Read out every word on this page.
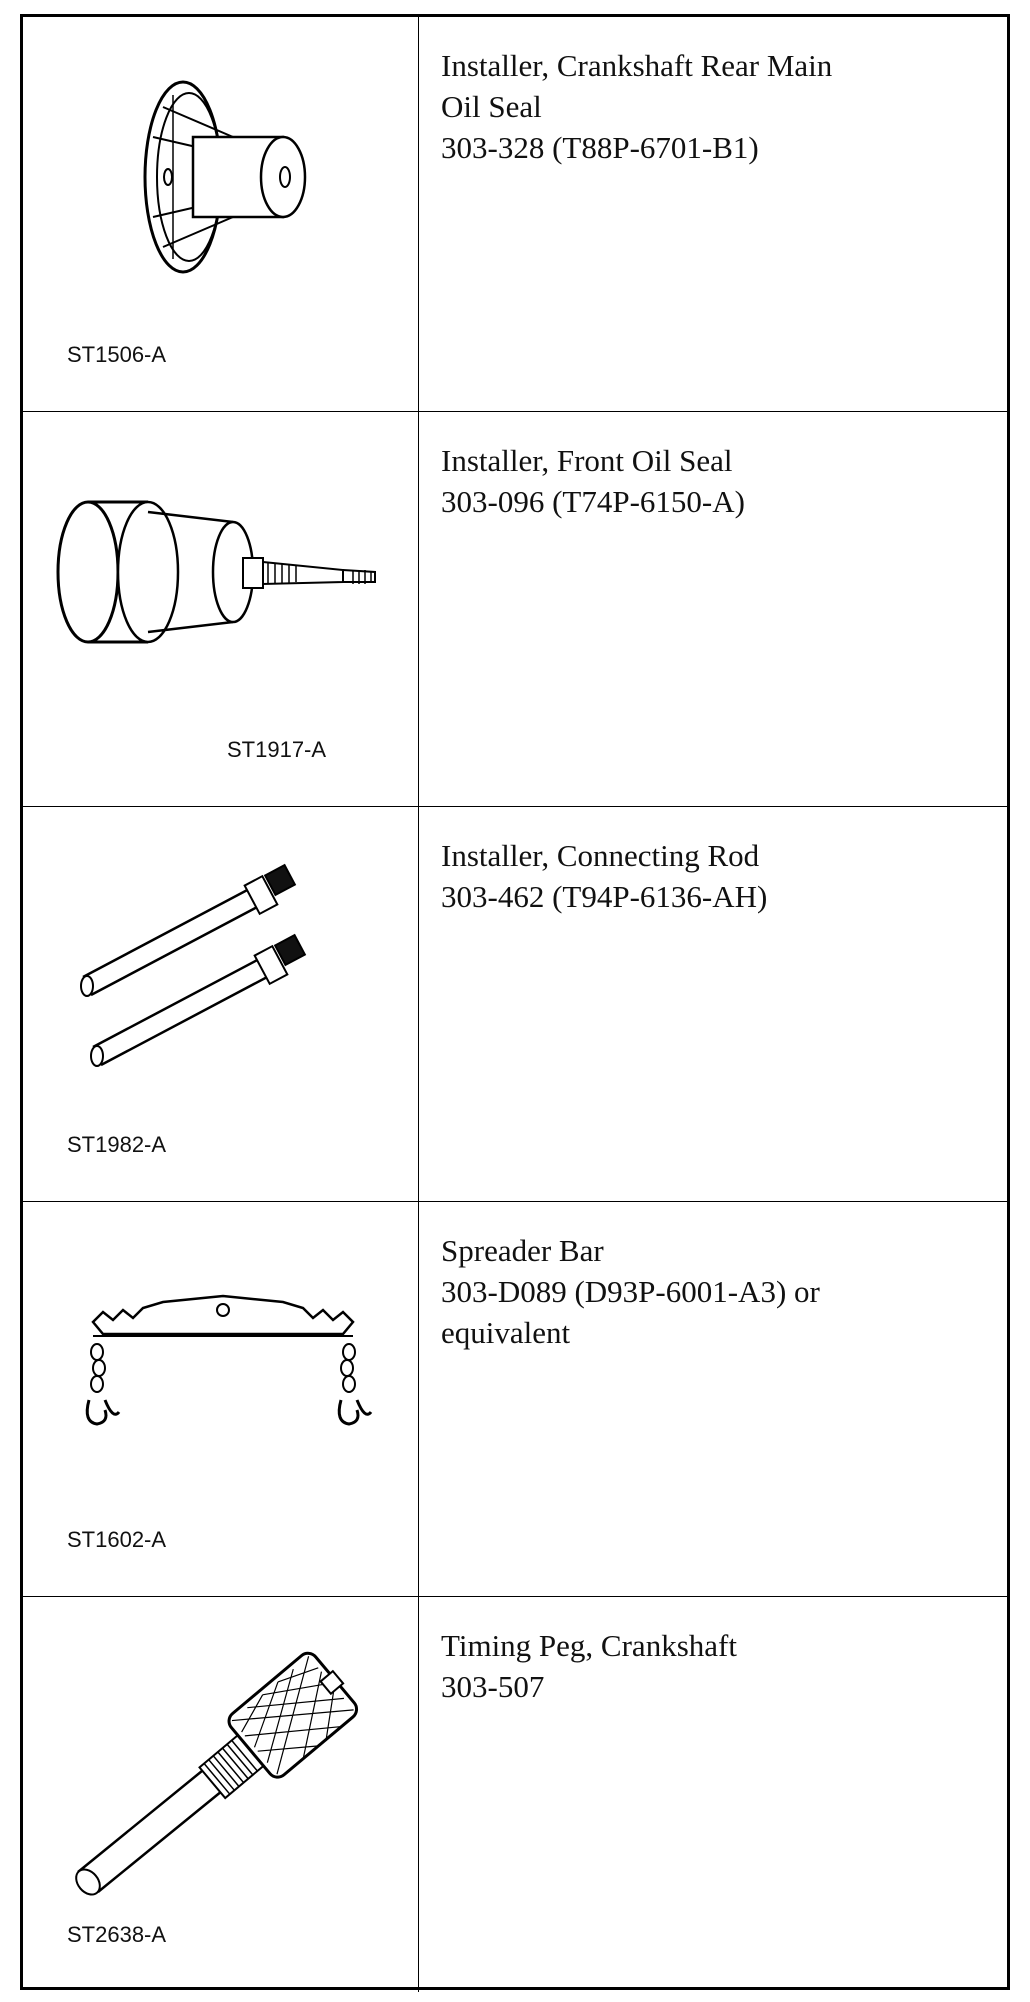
ST1506-A
Installer, Crankshaft Rear Main
Oil Seal
303-328 (T88P-6701-B1)
ST1917-A
Installer, Front Oil Seal
303-096 (T74P-6150-A)
ST1982-A
Installer, Connecting Rod
303-462 (T94P-6136-AH)
ST1602-A
Spreader Bar
303-D089 (D93P-6001-A3) or
equivalent
ST2638-A
Timing Peg, Crankshaft
303-507
